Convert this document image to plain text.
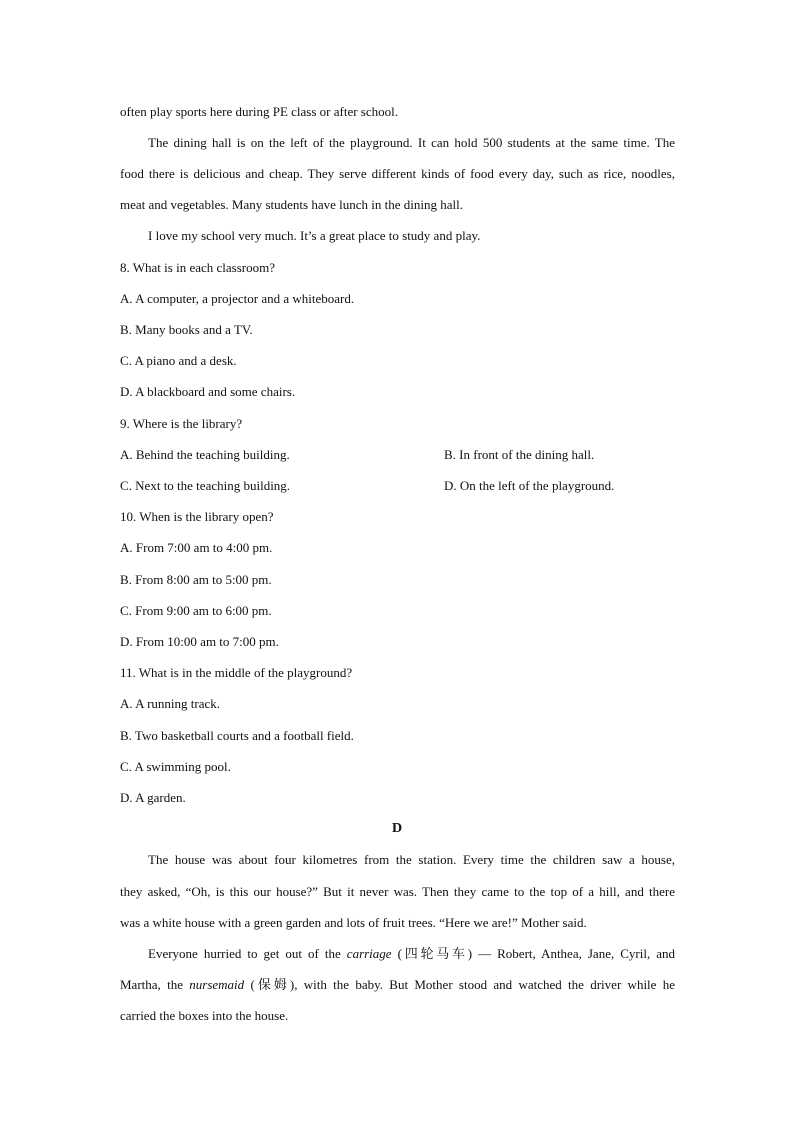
often play sports here during PE class or after school.
The dining hall is on the left of the playground. It can hold 500 students at the same time. The
food there is delicious and cheap. They serve different kinds of food every day, such as rice, noodles,
meat and vegetables. Many students have lunch in the dining hall.
I love my school very much. It’s a great place to study and play.
8. What is in each classroom?
A. A computer, a projector and a whiteboard.
B. Many books and a TV.
C. A piano and a desk.
D. A blackboard and some chairs.
9. Where is the library?
A. Behind the teaching building.	B. In front of the dining hall.
C. Next to the teaching building.	D. On the left of the playground.
10. When is the library open?
A. From 7:00 am to 4:00 pm.
B. From 8:00 am to 5:00 pm.
C. From 9:00 am to 6:00 pm.
D. From 10:00 am to 7:00 pm.
11. What is in the middle of the playground?
A. A running track.
B. Two basketball courts and a football field.
C. A swimming pool.
D. A garden.
D
The house was about four kilometres from the station. Every time the children saw a house,
they asked, “Oh, is this our house?” But it never was. Then they came to the top of a hill, and there
was a white house with a green garden and lots of fruit trees. “Here we are!” Mother said.
Everyone hurried to get out of the carriage (四轮马车) — Robert, Anthea, Jane, Cyril, and
Martha, the nursemaid (保姆), with the baby. But Mother stood and watched the driver while he
carried the boxes into the house.
